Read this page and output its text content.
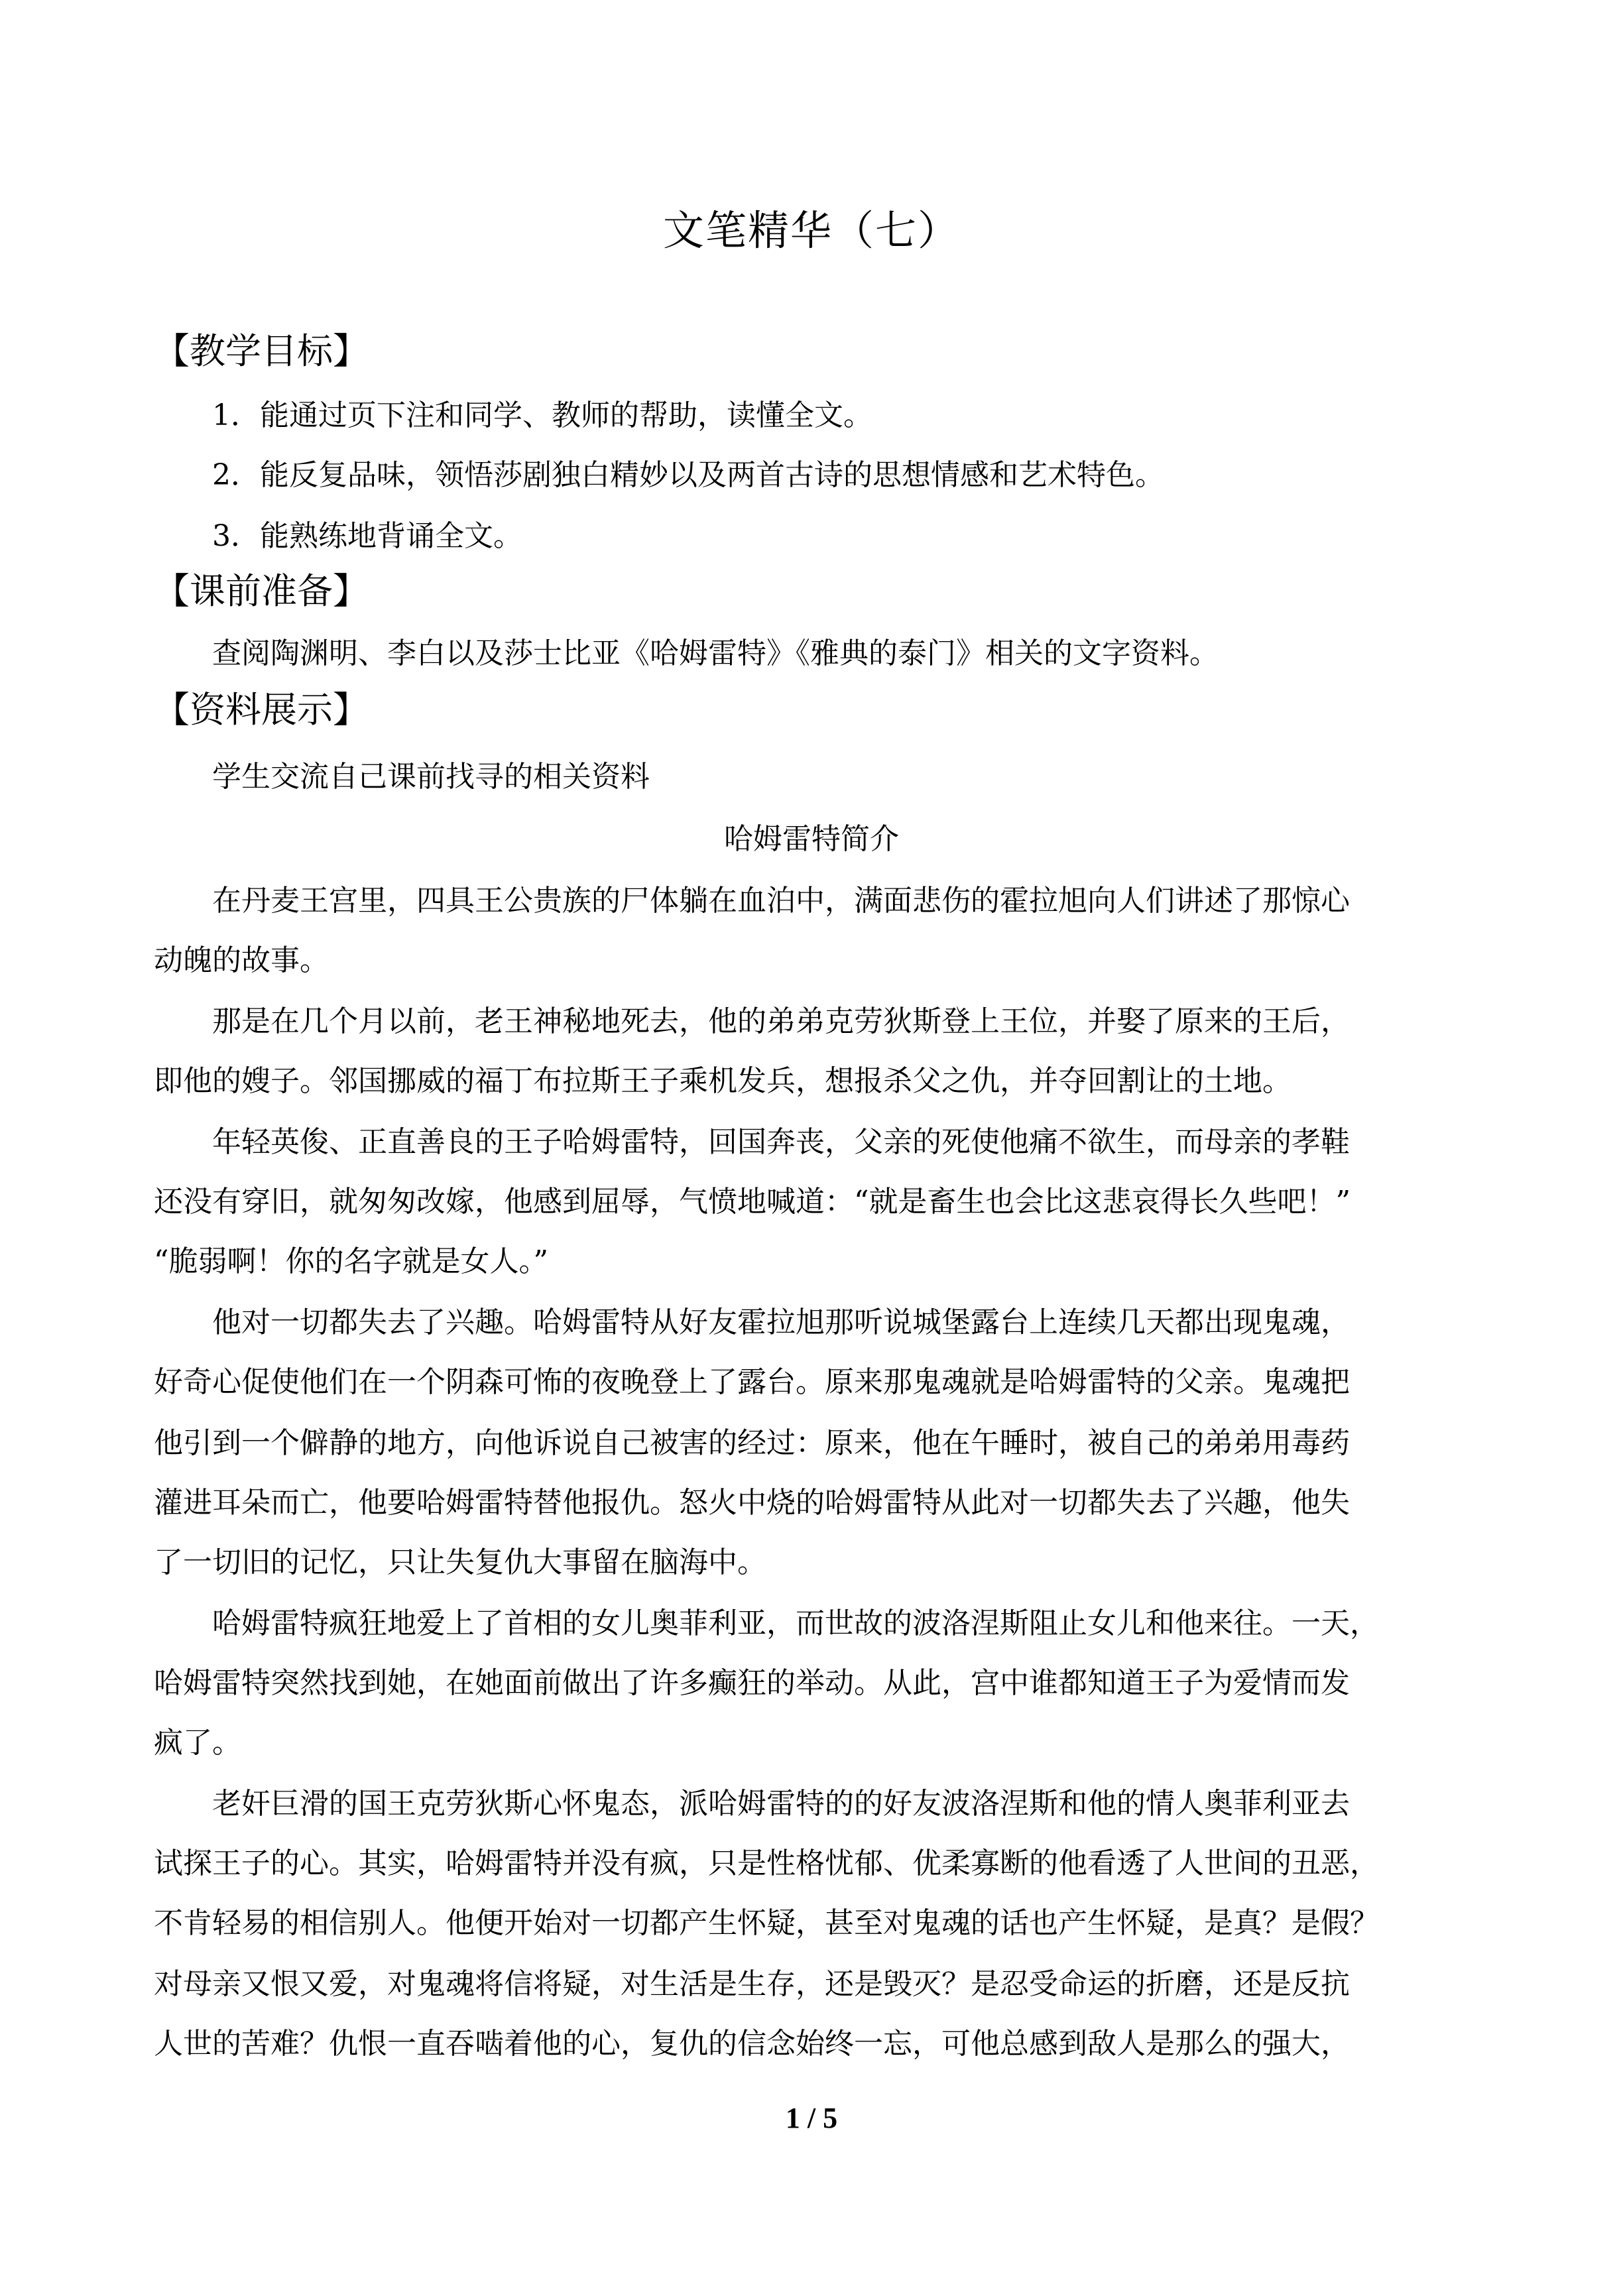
文笔精华（七）
【教学目标】
1．能通过页下注和同学、教师的帮助，读懂全文。
2．能反复品味，领悟莎剧独白精妙以及两首古诗的思想情感和艺术特色。
3．能熟练地背诵全文。
【课前准备】
查阅陶渊明、李白以及莎士比亚《哈姆雷特》《雅典的泰门》相关的文字资料。
【资料展示】
学生交流自己课前找寻的相关资料
哈姆雷特简介
在丹麦王宫里，四具王公贵族的尸体躺在血泊中，满面悲伤的霍拉旭向人们讲述了那惊心
动魄的故事。
那是在几个月以前，老王神秘地死去，他的弟弟克劳狄斯登上王位，并娶了原来的王后，
即他的嫂子。邻国挪威的福丁布拉斯王子乘机发兵，想报杀父之仇，并夺回割让的土地。
年轻英俊、正直善良的王子哈姆雷特，回国奔丧，父亲的死使他痛不欲生，而母亲的孝鞋
还没有穿旧，就匆匆改嫁，他感到屈辱，气愤地喊道：“就是畜生也会比这悲哀得长久些吧！”
“脆弱啊！你的名字就是女人。”
他对一切都失去了兴趣。哈姆雷特从好友霍拉旭那听说城堡露台上连续几天都出现鬼魂，
好奇心促使他们在一个阴森可怖的夜晚登上了露台。原来那鬼魂就是哈姆雷特的父亲。鬼魂把
他引到一个僻静的地方，向他诉说自己被害的经过：原来，他在午睡时，被自己的弟弟用毒药
灌进耳朵而亡，他要哈姆雷特替他报仇。怒火中烧的哈姆雷特从此对一切都失去了兴趣，他失
了一切旧的记忆，只让失复仇大事留在脑海中。
哈姆雷特疯狂地爱上了首相的女儿奥菲利亚，而世故的波洛涅斯阻止女儿和他来往。一天，
哈姆雷特突然找到她，在她面前做出了许多癫狂的举动。从此，宫中谁都知道王子为爱情而发
疯了。
老奸巨滑的国王克劳狄斯心怀鬼态，派哈姆雷特的的好友波洛涅斯和他的情人奥菲利亚去
试探王子的心。其实，哈姆雷特并没有疯，只是性格忧郁、优柔寡断的他看透了人世间的丑恶，
不肯轻易的相信别人。他便开始对一切都产生怀疑，甚至对鬼魂的话也产生怀疑，是真？是假？
对母亲又恨又爱，对鬼魂将信将疑，对生活是生存，还是毁灭？是忍受命运的折磨，还是反抗
人世的苦难？仇恨一直吞啮着他的心，复仇的信念始终一忘，可他总感到敌人是那么的强大，
1 / 5
